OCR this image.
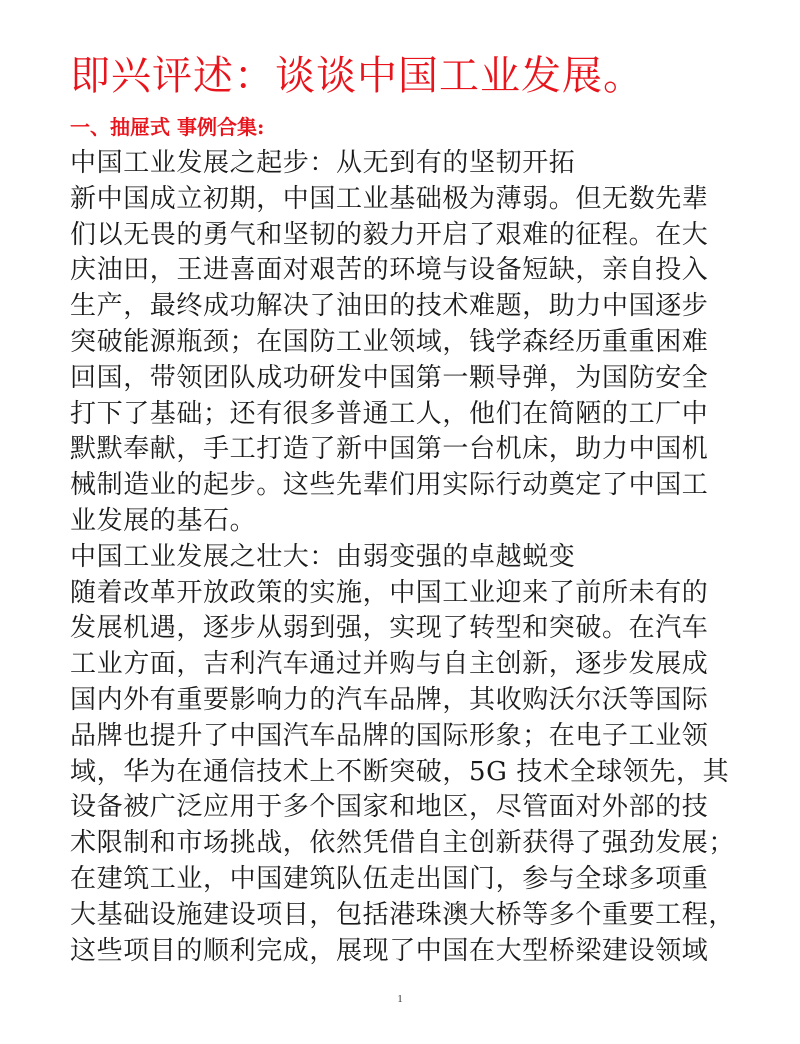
即兴评述：谈谈中国工业发展。
一、抽屉式 事例合集:
中国工业发展之起步：从无到有的坚韧开拓
新中国成立初期，中国工业基础极为薄弱。但无数先辈
们以无畏的勇气和坚韧的毅力开启了艰难的征程。在大
庆油田，王进喜面对艰苦的环境与设备短缺，亲自投入
生产，最终成功解决了油田的技术难题，助力中国逐步
突破能源瓶颈；在国防工业领域，钱学森经历重重困难
回国，带领团队成功研发中国第一颗导弹，为国防安全
打下了基础；还有很多普通工人，他们在简陋的工厂中
默默奉献，手工打造了新中国第一台机床，助力中国机
械制造业的起步。这些先辈们用实际行动奠定了中国工
业发展的基石。
中国工业发展之壮大：由弱变强的卓越蜕变
随着改革开放政策的实施，中国工业迎来了前所未有的
发展机遇，逐步从弱到强，实现了转型和突破。在汽车
工业方面，吉利汽车通过并购与自主创新，逐步发展成
国内外有重要影响力的汽车品牌，其收购沃尔沃等国际
品牌也提升了中国汽车品牌的国际形象；在电子工业领
域，华为在通信技术上不断突破，5G 技术全球领先，其
设备被广泛应用于多个国家和地区，尽管面对外部的技
术限制和市场挑战，依然凭借自主创新获得了强劲发展；
在建筑工业，中国建筑队伍走出国门，参与全球多项重
大基础设施建设项目，包括港珠澳大桥等多个重要工程，
这些项目的顺利完成，展现了中国在大型桥梁建设领域
1
